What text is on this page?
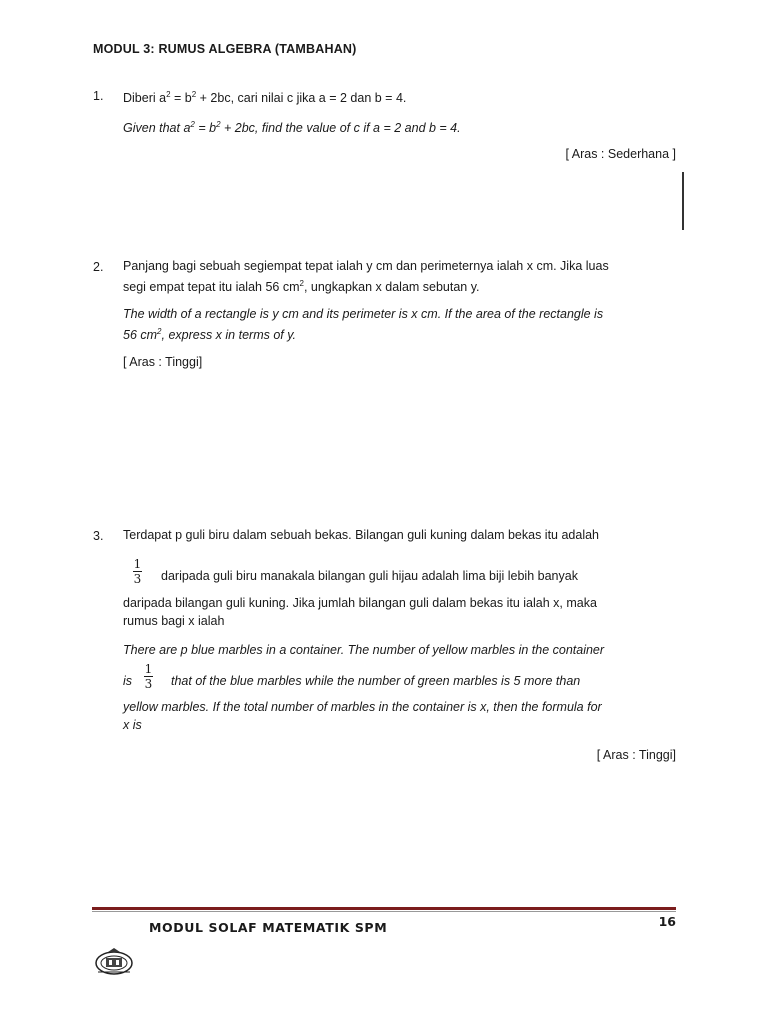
MODUL 3: RUMUS ALGEBRA (TAMBAHAN)
1. Diberi $a^2 = b^2 + 2bc$, cari nilai c jika a = 2 dan b = 4.
Given that $a^2 = b^2 + 2bc$, find the value of c if a = 2 and b = 4.
[ Aras : Sederhana ]
2. Panjang bagi sebuah segiempat tepat ialah y cm dan perimeternya ialah x cm. Jika luas
segi empat tepat itu ialah 56 $cm^2$, ungkapkan x dalam sebutan y.
The width of a rectangle is y cm and its perimeter is x cm. If the area of the rectangle is
56 $cm^2$, express x in terms of y.
[ Aras : Tinggi]
3. Terdapat p guli biru dalam sebuah bekas. Bilangan guli kuning dalam bekas itu adalah
1
3 daripada guli biru manakala bilangan guli hijau adalah lima biji lebih banyak
daripada bilangan guli kuning. Jika jumlah bilangan guli dalam bekas itu ialah x, maka
rumus bagi x ialah
There are p blue marbles in a container. The number of yellow marbles in the container
is
1
3 that of the blue marbles while the number of green marbles is 5 more than
yellow marbles. If the total number of marbles in the container is x, then the formula for
x is
[ Aras : Tinggi]
16
MODUL SOLAF MATEMATIK SPM
